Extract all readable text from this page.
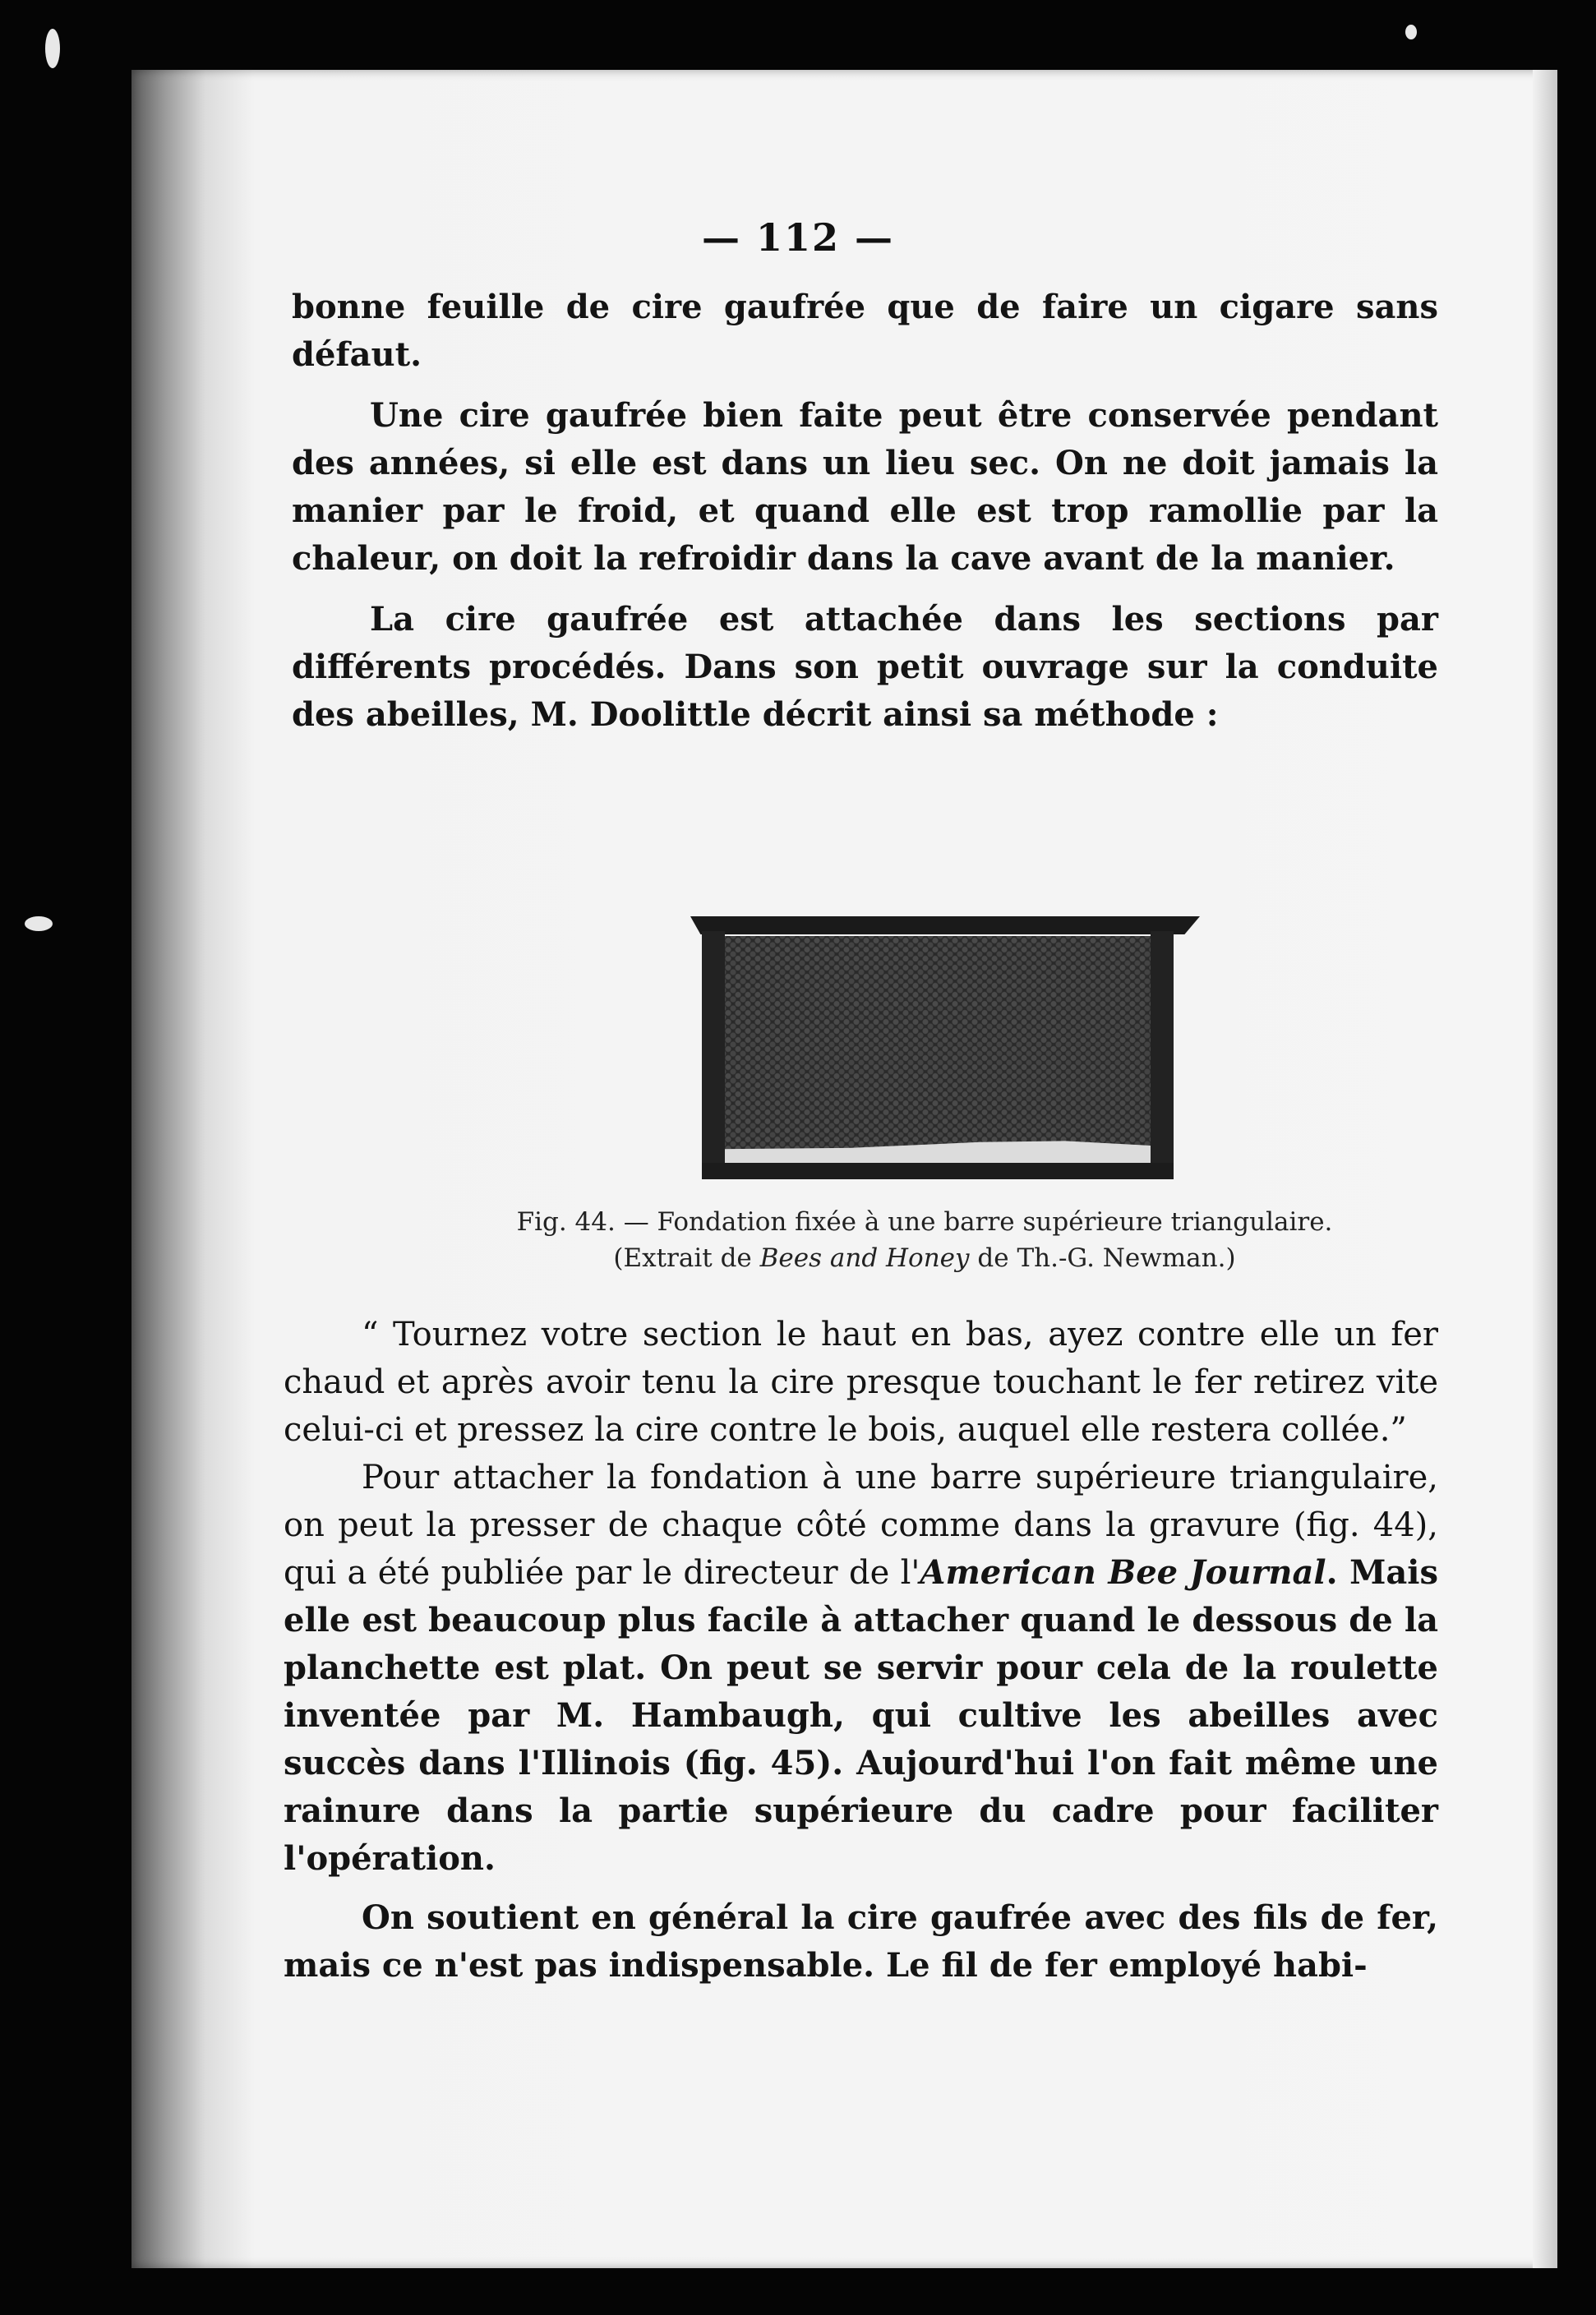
— 112 —

bonne feuille de cire gaufrée que de faire un cigare sans défaut.

Une cire gaufrée bien faite peut être conservée pendant des années, si elle est dans un lieu sec. On ne doit jamais la manier par le froid, et quand elle est trop ramollie par la chaleur, on doit la refroidir dans la cave avant de la manier.

La cire gaufrée est attachée dans les sections par différents procédés. Dans son petit ouvrage sur la conduite des abeilles, M. Doolittle décrit ainsi sa méthode :

Fig. 44. — Fondation fixée à une barre supérieure triangulaire.
(Extrait de Bees and Honey de Th.-G. Newman.)

“ Tournez votre section le haut en bas, ayez contre elle un fer chaud et après avoir tenu la cire presque touchant le fer retirez vite celui-ci et pressez la cire contre le bois, auquel elle restera collée.”

Pour attacher la fondation à une barre supérieure triangulaire, on peut la presser de chaque côté comme dans la gravure (fig. 44), qui a été publiée par le directeur de l'American Bee Journal. Mais elle est beaucoup plus facile à attacher quand le dessous de la planchette est plat. On peut se servir pour cela de la roulette inventée par M. Hambaugh, qui cultive les abeilles avec succès dans l'Illinois (fig. 45). Aujourd'hui l'on fait même une rainure dans la partie supérieure du cadre pour faciliter l'opération.

On soutient en général la cire gaufrée avec des fils de fer, mais ce n'est pas indispensable. Le fil de fer employé habi-
